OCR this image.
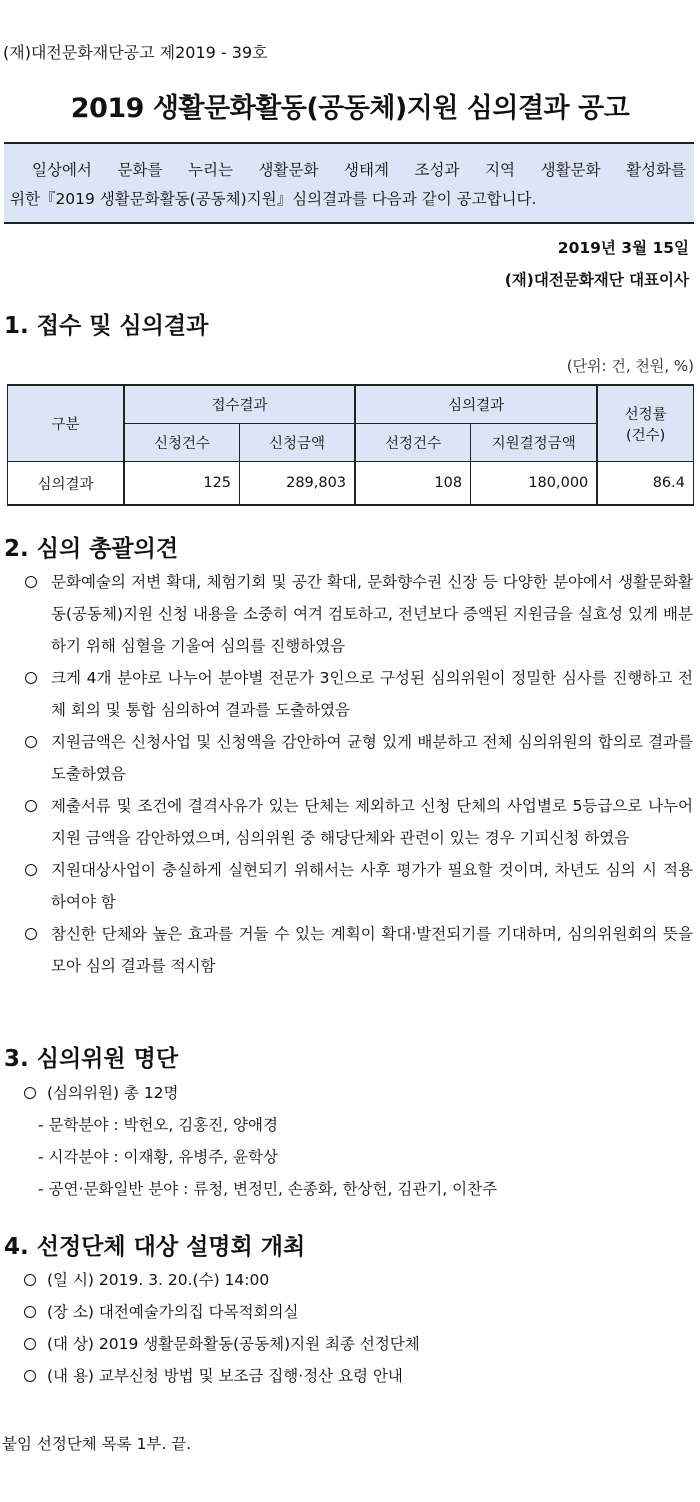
(재)대전문화재단공고 제2019 - 39호
2019 생활문화활동(공동체)지원 심의결과 공고

일상에서 문화를 누리는 생활문화 생태계 조성과 지역 생활문화 활성화를

위한『2019 생활문화활동(공동체)지원』심의결과를 다음과 같이 공고합니다.

2019년 3월 15일
(재)대전문화재단 대표이사
1. 접수 및 심의결과
(단위: 건, 천원, %)
구분	접수결과		심의결과		선정률
(건수)
	신청건수	신청금액	선정건수	지원결정금액	
심의결과	125	289,803	108	180,000	86.4
2. 심의 총괄의견
문화예술의 저변 확대, 체험기회 및 공간 확대, 문화향수권 신장 등 다양한 분야에서 생활문화활동(공동체)지원 신청 내용을 소중히 여겨 검토하고, 전년보다 증액된 지원금을 실효성 있게 배분하기 위해 심혈을 기울여 심의를 진행하였음
크게 4개 분야로 나누어 분야별 전문가 3인으로 구성된 심의위원이 정밀한 심사를 진행하고 전체 회의 및 통합 심의하여 결과를 도출하였음
지원금액은 신청사업 및 신청액을 감안하여 균형 있게 배분하고 전체 심의위원의 합의로 결과를 도출하였음
제출서류 및 조건에 결격사유가 있는 단체는 제외하고 신청 단체의 사업별로 5등급으로 나누어 지원 금액을 감안하였으며, 심의위원 중 해당단체와 관련이 있는 경우 기피신청 하였음
지원대상사업이 충실하게 실현되기 위해서는 사후 평가가 필요할 것이며, 차년도 심의 시 적용하여야 함
참신한 단체와 높은 효과를 거둘 수 있는 계획이 확대·발전되기를 기대하며, 심의위원회의 뜻을 모아 심의 결과를 적시함
3. 심의위원 명단
(심의위원) 총 12명
- 문학분야 : 박헌오, 김홍진, 양애경
- 시각분야 : 이재황, 유병주, 윤학상
- 공연·문화일반 분야 : 류청, 변정민, 손종화, 한상헌, 김관기, 이찬주
4. 선정단체 대상 설명회 개최
(일 시) 2019. 3. 20.(수) 14:00
(장 소) 대전예술가의집 다목적회의실
(대 상) 2019 생활문화활동(공동체)지원 최종 선정단체
(내 용) 교부신청 방법 및 보조금 집행·정산 요령 안내
붙임 선정단체 목록 1부. 끝.
